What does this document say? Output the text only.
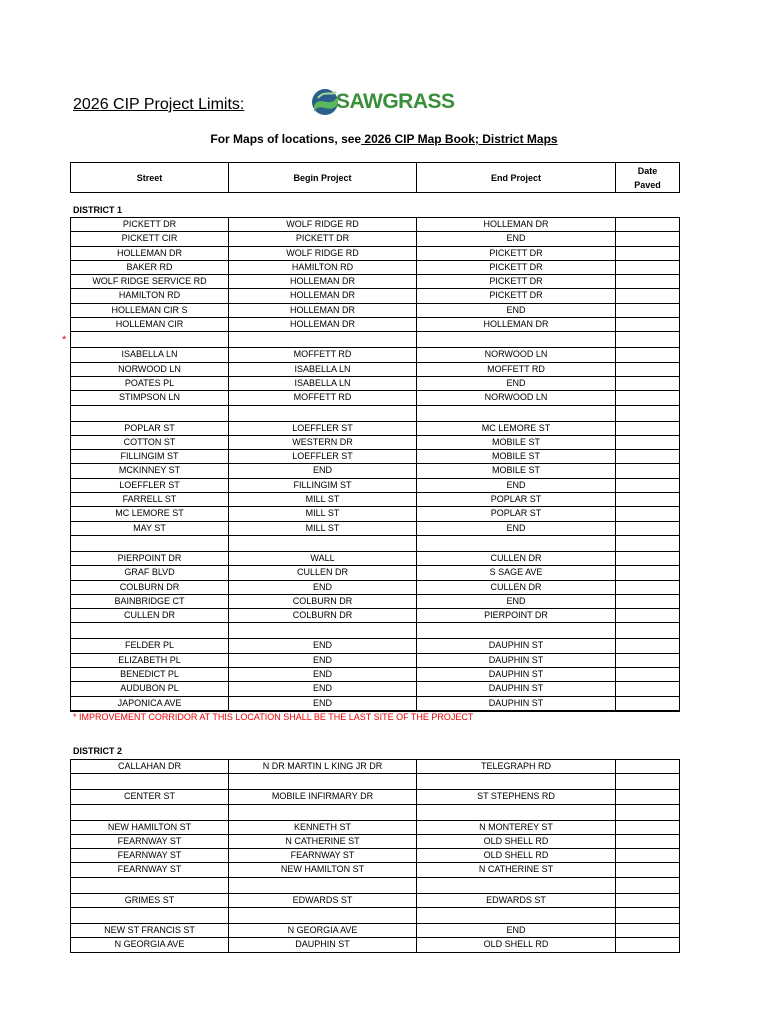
2026 CIP Project Limits:	SAWGRASS
For Maps of locations, see 2026 CIP Map Book; District Maps
Street	Begin Project	End Project	Date
Paved
DISTRICT 1
PICKETT DR	WOLF RIDGE RD	HOLLEMAN DR	
PICKETT CIR	PICKETT DR	END	
HOLLEMAN DR	WOLF RIDGE RD	PICKETT DR	
BAKER RD	HAMILTON RD	PICKETT DR	
WOLF RIDGE SERVICE RD	HOLLEMAN DR	PICKETT DR	
HAMILTON RD	HOLLEMAN DR	PICKETT DR	
HOLLEMAN CIR S	HOLLEMAN DR	END	
HOLLEMAN CIR	HOLLEMAN DR	HOLLEMAN DR	

ISABELLA LN	MOFFETT RD	NORWOOD LN	
NORWOOD LN	ISABELLA LN	MOFFETT RD	
POATES PL	ISABELLA LN	END	
STIMPSON LN	MOFFETT RD	NORWOOD LN	

POPLAR ST	LOEFFLER ST	MC LEMORE ST	
COTTON ST	WESTERN DR	MOBILE ST	
FILLINGIM ST	LOEFFLER ST	MOBILE ST	
MCKINNEY ST	END	MOBILE ST	
LOEFFLER ST	FILLINGIM ST	END	
FARRELL ST	MILL ST	POPLAR ST	
MC LEMORE ST	MILL ST	POPLAR ST	
MAY ST	MILL ST	END	

PIERPOINT DR	WALL	CULLEN DR	
GRAF BLVD	CULLEN DR	S SAGE AVE	
COLBURN DR	END	CULLEN DR	
BAINBRIDGE CT	COLBURN DR	END	
CULLEN DR	COLBURN DR	PIERPOINT DR	

FELDER PL	END	DAUPHIN ST	
ELIZABETH PL	END	DAUPHIN ST	
BENEDICT PL	END	DAUPHIN ST	
AUDUBON PL	END	DAUPHIN ST	
JAPONICA AVE	END	DAUPHIN ST	
*
* IMPROVEMENT CORRIDOR AT THIS LOCATION SHALL BE THE LAST SITE OF THE PROJECT
DISTRICT 2
CALLAHAN DR	N DR MARTIN L KING JR DR	TELEGRAPH RD	

CENTER ST	MOBILE INFIRMARY DR	ST STEPHENS RD	

NEW HAMILTON ST	KENNETH ST	N MONTEREY ST	
FEARNWAY ST	N CATHERINE ST	OLD SHELL RD	
FEARNWAY ST	FEARNWAY ST	OLD SHELL RD	
FEARNWAY ST	NEW HAMILTON ST	N CATHERINE ST	

GRIMES ST	EDWARDS ST	EDWARDS ST	

NEW ST FRANCIS ST	N GEORGIA AVE	END	
N GEORGIA AVE	DAUPHIN ST	OLD SHELL RD	
